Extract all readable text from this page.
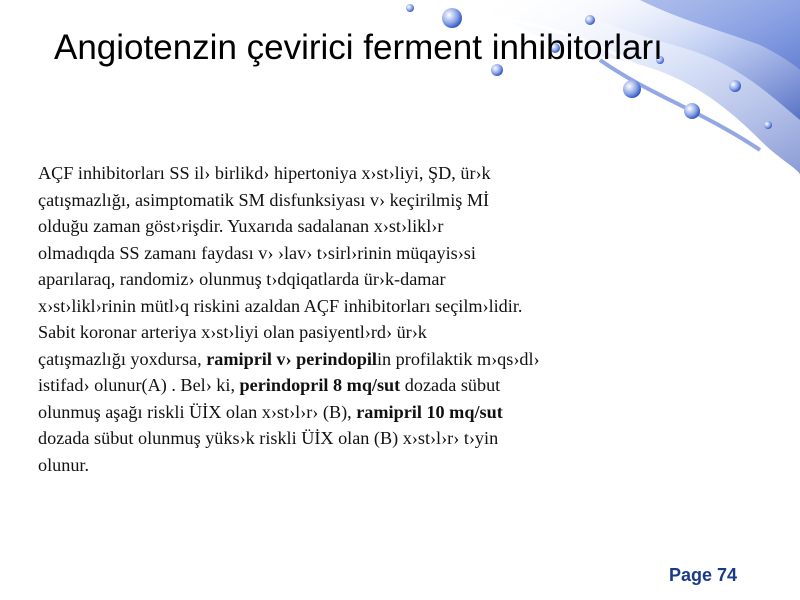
Angiotenzin çevirici ferment inhibitorları
AÇF inhibitorları SS il› birlikd› hipertoniya x›st›liyi, ŞD, ür›k
çatışmazlığı, asimptomatik SM disfunksiyası v› keçirilmiş Mİ
olduğu zaman göst›rişdir. Yuxarıda sadalanan x›st›likl›r
olmadıqda SS zamanı faydası v› ›lav› t›sirl›rinin müqayis›si
aparılaraq, randomiz› olunmuş t›dqiqatlarda ür›k-damar
x›st›likl›rinin mütl›q riskini azaldan AÇF inhibitorları seçilm›lidir.
Sabit koronar arteriya x›st›liyi olan pasiyentl›rd› ür›k
çatışmazlığı yoxdursa, ramipril v› perindopilin profilaktik m›qs›dl›
istifad› olunur(A) . Bel› ki, perindopril 8 mq/sut dozada sübut
olunmuş aşağı riskli ÜİX olan x›st›l›r› (B), ramipril 10 mq/sut
dozada sübut olunmuş yüks›k riskli ÜİX olan (B) x›st›l›r› t›yin
olunur.
Page 74
